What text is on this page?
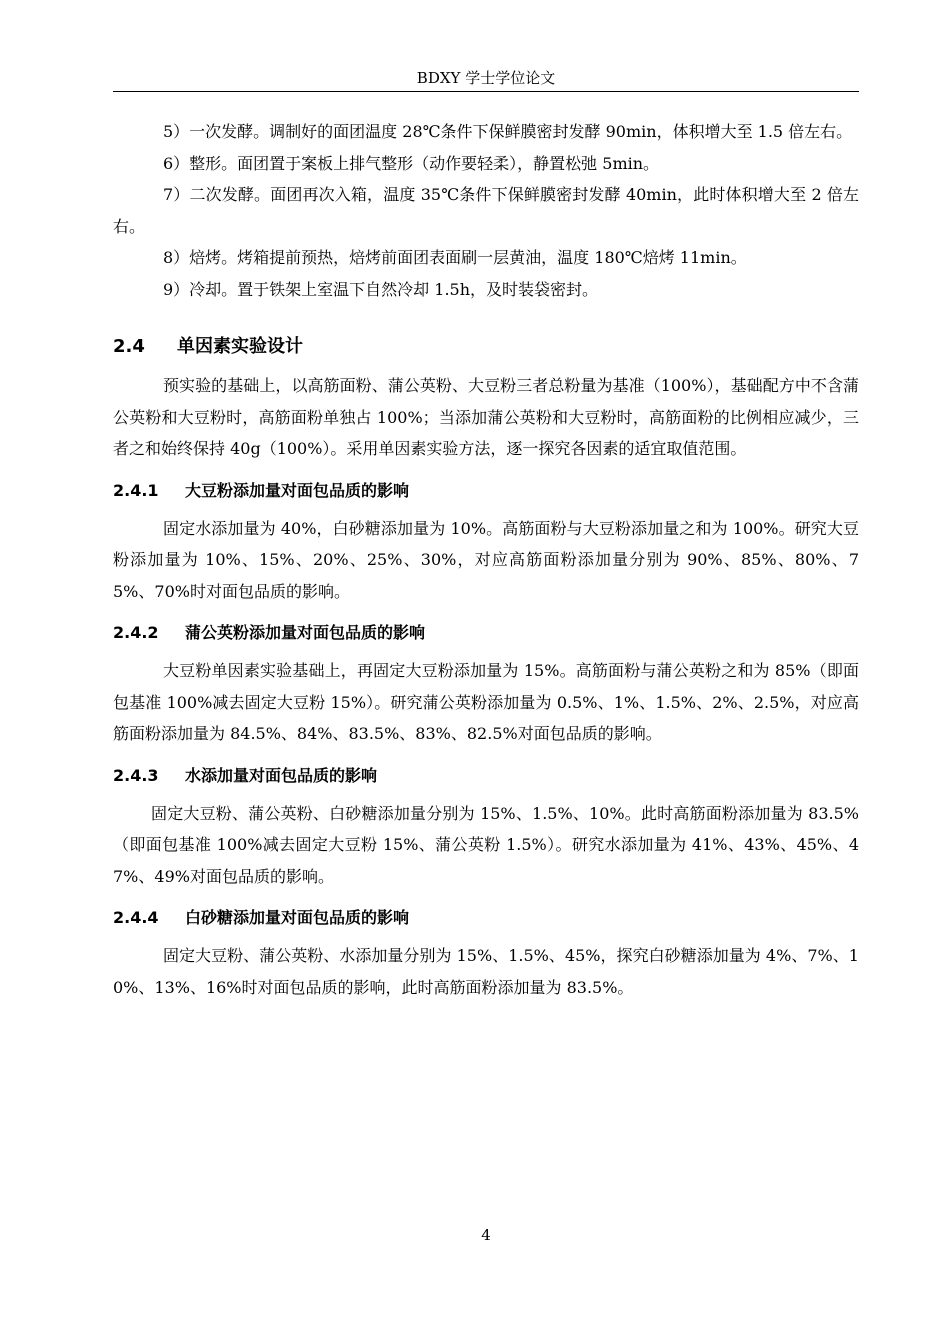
BDXY 学士学位论文

5）一次发酵。调制好的面团温度 28℃条件下保鲜膜密封发酵 90min，体积增大至 1.5 倍左右。

6）整形。面团置于案板上排气整形（动作要轻柔），静置松弛 5min。

7）二次发酵。面团再次入箱，温度 35℃条件下保鲜膜密封发酵 40min，此时体积增大至 2 倍左右。

8）焙烤。烤箱提前预热，焙烤前面团表面刷一层黄油，温度 180℃焙烤 11min。

9）冷却。置于铁架上室温下自然冷却 1.5h，及时装袋密封。

2.4 单因素实验设计

预实验的基础上，以高筋面粉、蒲公英粉、大豆粉三者总粉量为基准（100%），基础配方中不含蒲公英粉和大豆粉时，高筋面粉单独占 100%；当添加蒲公英粉和大豆粉时，高筋面粉的比例相应减少，三者之和始终保持 40g（100%）。采用单因素实验方法，逐一探究各因素的适宜取值范围。

2.4.1 大豆粉添加量对面包品质的影响

固定水添加量为 40%，白砂糖添加量为 10%。高筋面粉与大豆粉添加量之和为 100%。研究大豆粉添加量为 10%、15%、20%、25%、30%，对应高筋面粉添加量分别为 90%、85%、80%、75%、70%时对面包品质的影响。

2.4.2 蒲公英粉添加量对面包品质的影响

大豆粉单因素实验基础上，再固定大豆粉添加量为 15%。高筋面粉与蒲公英粉之和为 85%（即面包基准 100%减去固定大豆粉 15%）。研究蒲公英粉添加量为 0.5%、1%、1.5%、2%、2.5%，对应高筋面粉添加量为 84.5%、84%、83.5%、83%、82.5%对面包品质的影响。

2.4.3 水添加量对面包品质的影响

固定大豆粉、蒲公英粉、白砂糖添加量分别为 15%、1.5%、10%。此时高筋面粉添加量为 83.5%（即面包基准 100%减去固定大豆粉 15%、蒲公英粉 1.5%）。研究水添加量为 41%、43%、45%、47%、49%对面包品质的影响。

2.4.4 白砂糖添加量对面包品质的影响

固定大豆粉、蒲公英粉、水添加量分别为 15%、1.5%、45%，探究白砂糖添加量为 4%、7%、10%、13%、16%时对面包品质的影响，此时高筋面粉添加量为 83.5%。

4
